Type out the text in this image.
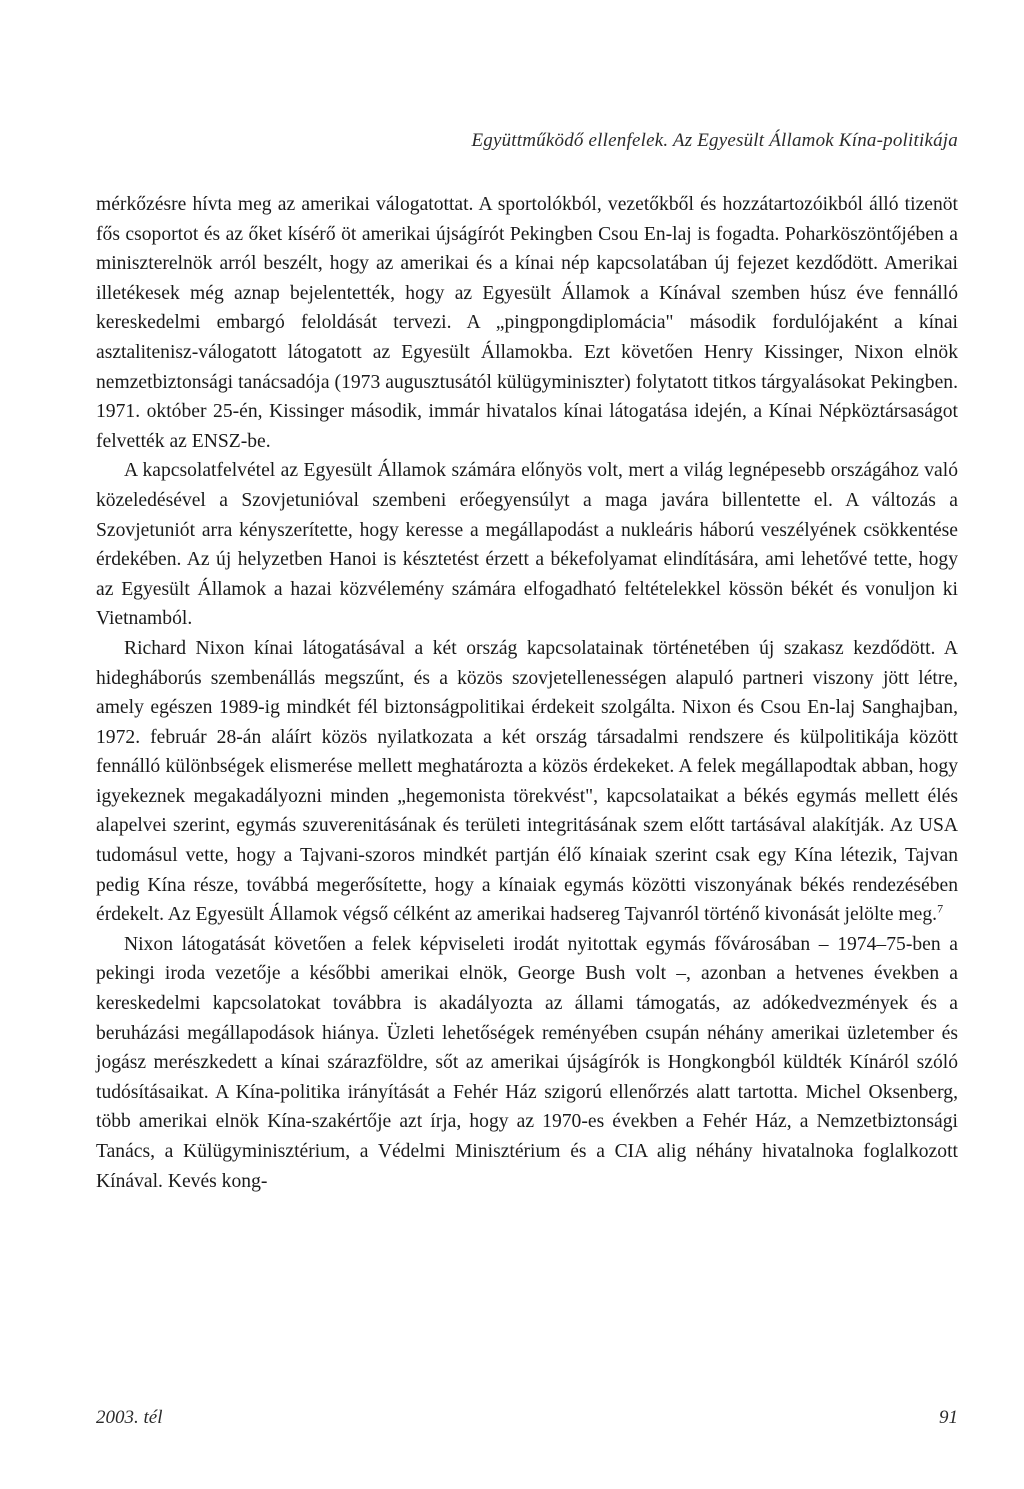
Együttműködő ellenfelek. Az Egyesült Államok Kína-politikája

mérkőzésre hívta meg az amerikai válogatottat. A sportolókból, vezetőkből és hozzátartozóikból álló tizenöt fős csoportot és az őket kísérő öt amerikai újságírót Pekingben Csou En-laj is fogadta. Poharköszöntőjében a miniszterelnök arról beszélt, hogy az amerikai és a kínai nép kapcsolatában új fejezet kezdődött. Amerikai illetékesek még aznap bejelentették, hogy az Egyesült Államok a Kínával szemben húsz éve fennálló kereskedelmi embargó feloldását tervezi. A „pingpongdiplomácia" második fordulójaként a kínai asztalitenisz-válogatott látogatott az Egyesült Államokba. Ezt követően Henry Kissinger, Nixon elnök nemzetbiztonsági tanácsadója (1973 augusztusától külügyminiszter) folytatott titkos tárgyalásokat Pekingben. 1971. október 25-én, Kissinger második, immár hivatalos kínai látogatása idején, a Kínai Népköztársaságot felvették az ENSZ-be.

A kapcsolatfelvétel az Egyesült Államok számára előnyös volt, mert a világ legnépesebb országához való közeledésével a Szovjetunióval szembeni erőegyensúlyt a maga javára billentette el. A változás a Szovjetuniót arra kényszerítette, hogy keresse a megállapodást a nukleáris háború veszélyének csökkentése érdekében. Az új helyzetben Hanoi is késztetést érzett a békefolyamat elindítására, ami lehetővé tette, hogy az Egyesült Államok a hazai közvélemény számára elfogadható feltételekkel kössön békét és vonuljon ki Vietnamból.

Richard Nixon kínai látogatásával a két ország kapcsolatainak történetében új szakasz kezdődött. A hidegháborús szembenállás megszűnt, és a közös szovjetellenességen alapuló partneri viszony jött létre, amely egészen 1989-ig mindkét fél biztonságpolitikai érdekeit szolgálta. Nixon és Csou En-laj Sanghajban, 1972. február 28-án aláírt közös nyilatkozata a két ország társadalmi rendszere és külpolitikája között fennálló különbségek elismerése mellett meghatározta a közös érdekeket. A felek megállapodtak abban, hogy igyekeznek megakadályozni minden „hegemonista törekvést", kapcsolataikat a békés egymás mellett élés alapelvei szerint, egymás szuverenitásának és területi integritásának szem előtt tartásával alakítják. Az USA tudomásul vette, hogy a Tajvani-szoros mindkét partján élő kínaiak szerint csak egy Kína létezik, Tajvan pedig Kína része, továbbá megerősítette, hogy a kínaiak egymás közötti viszonyának békés rendezésében érdekelt. Az Egyesült Államok végső célként az amerikai hadsereg Tajvanról történő kivonását jelölte meg.$^7$

Nixon látogatását követően a felek képviseleti irodát nyitottak egymás fővárosában – 1974–75-ben a pekingi iroda vezetője a későbbi amerikai elnök, George Bush volt –, azonban a hetvenes években a kereskedelmi kapcsolatokat továbbra is akadályozta az állami támogatás, az adókedvezmények és a beruházási megállapodások hiánya. Üzleti lehetőségek reményében csupán néhány amerikai üzletember és jogász merészkedett a kínai szárazföldre, sőt az amerikai újságírók is Hongkongból küldték Kínáról szóló tudósításaikat. A Kína-politika irányítását a Fehér Ház szigorú ellenőrzés alatt tartotta. Michel Oksenberg, több amerikai elnök Kína-szakértője azt írja, hogy az 1970-es években a Fehér Ház, a Nemzetbiztonsági Tanács, a Külügyminisztérium, a Védelmi Minisztérium és a CIA alig néhány hivatalnoka foglalkozott Kínával. Kevés kong-

2003. tél	91
